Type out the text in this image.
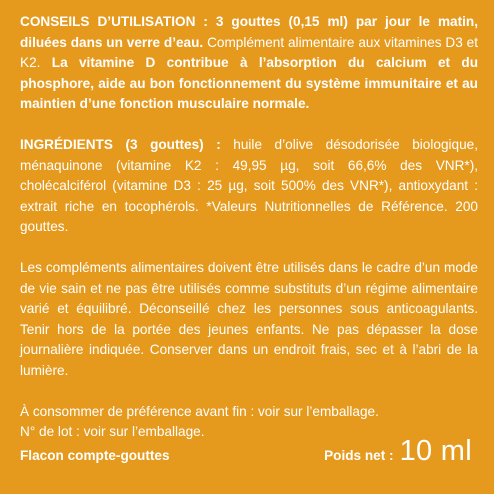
CONSEILS D’UTILISATION : 3 gouttes (0,15 ml) par jour le matin, diluées dans un verre d’eau. Complément alimentaire aux vitamines D3 et K2. La vitamine D contribue à l’absorption du calcium et du phosphore, aide au bon fonctionnement du système immunitaire et au maintien d’une fonction musculaire normale.

INGRÉDIENTS (3 gouttes) : huile d’olive désodorisée biologique, ménaquinone (vitamine K2 : 49,95 µg, soit 66,6% des VNR*), cholécalciférol (vitamine D3 : 25 µg, soit 500% des VNR*), antioxydant : extrait riche en tocophérols. *Valeurs Nutritionnelles de Référence. 200 gouttes.

Les compléments alimentaires doivent être utilisés dans le cadre d’un mode de vie sain et ne pas être utilisés comme substituts d’un régime alimentaire varié et équilibré. Déconseillé chez les personnes sous anticoagulants. Tenir hors de la portée des jeunes enfants. Ne pas dépasser la dose journalière indiquée. Conserver dans un endroit frais, sec et à l’abri de la lumière.

À consommer de préférence avant fin : voir sur l’emballage.

N° de lot : voir sur l’emballage.

Flacon compte-gouttes	Poids net : 10 ml
